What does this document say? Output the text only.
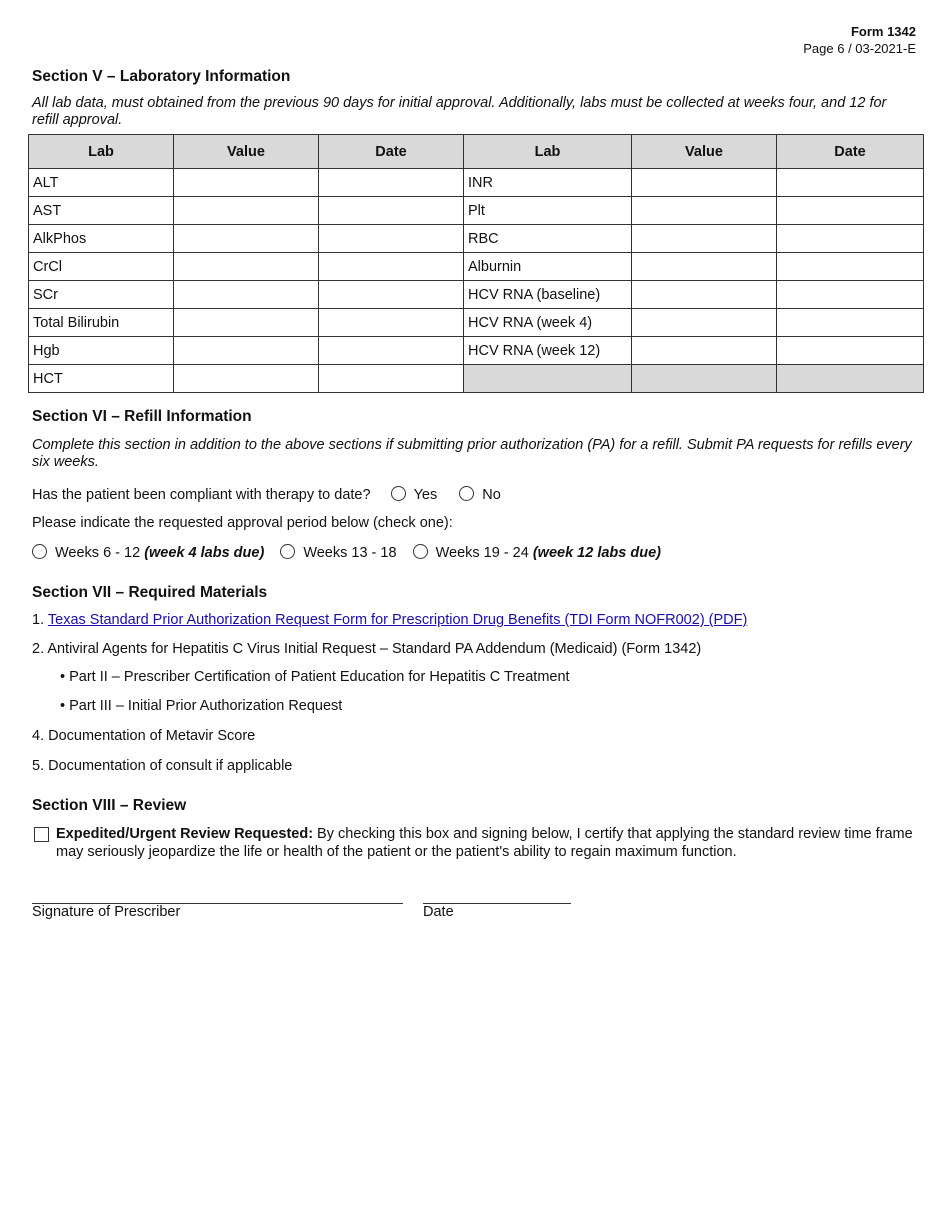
Form 1342
Page 6 / 03-2021-E
Section V – Laboratory Information
All lab data, must obtained from the previous 90 days for initial approval. Additionally, labs must be collected at weeks four, and 12 for refill approval.
Lab	Value	Date	Lab	Value	Date
ALT			INR		
AST			Plt		
AlkPhos			RBC		
CrCl			Alburnin		
SCr			HCV RNA (baseline)		
Total Bilirubin			HCV RNA (week 4)		
Hgb			HCV RNA (week 12)		
HCT					
Section VI – Refill Information
Complete this section in addition to the above sections if submitting prior authorization (PA) for a refill. Submit PA requests for refills every six weeks.
Has the patient been compliant with therapy to date?	Yes	No
Please indicate the requested approval period below (check one):
Weeks 6 - 12 (week 4 labs due)	Weeks 13 - 18	Weeks 19 - 24 (week 12 labs due)
Section VII – Required Materials
1. Texas Standard Prior Authorization Request Form for Prescription Drug Benefits (TDI Form NOFR002) (PDF)
2. Antiviral Agents for Hepatitis C Virus Initial Request – Standard PA Addendum (Medicaid) (Form 1342)
• Part II – Prescriber Certification of Patient Education for Hepatitis C Treatment
• Part III – Initial Prior Authorization Request
4. Documentation of Metavir Score
5. Documentation of consult if applicable
Section VIII – Review
Expedited/Urgent Review Requested: By checking this box and signing below, I certify that applying the standard review time frame may seriously jeopardize the life or health of the patient or the patient's ability to regain maximum function.
Signature of Prescriber	Date
